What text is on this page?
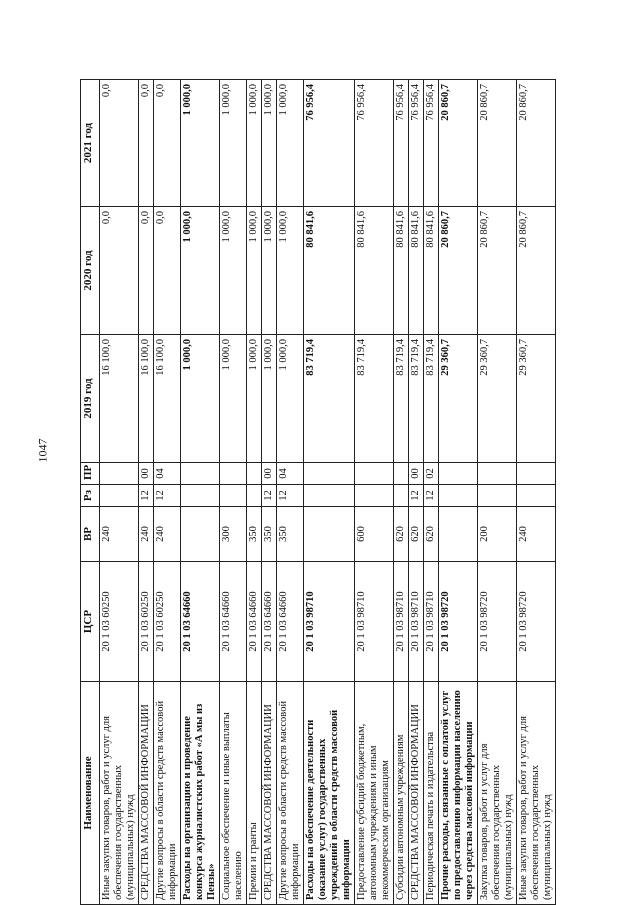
1047
Наименование	ЦСР	ВР	Рз	ПР	2019 год	2020 год	2021 год
Иные закупки товаров, работ и услуг для обеспечения государственных (муниципальных) нужд	20 1 03 60250	240			16 100,0	0,0	0,0
СРЕДСТВА МАССОВОЙ ИНФОРМАЦИИ	20 1 03 60250	240	12	00	16 100,0	0,0	0,0
Другие вопросы в области средств массовой информации	20 1 03 60250	240	12	04	16 100,0	0,0	0,0
Расходы на организацию и проведение конкурса журналистских работ «А мы из Пензы»	20 1 03 64660				1 000,0	1 000,0	1 000,0
Социальное обеспечение и иные выплаты населению	20 1 03 64660	300			1 000,0	1 000,0	1 000,0
Премии и гранты	20 1 03 64660	350			1 000,0	1 000,0	1 000,0
СРЕДСТВА МАССОВОЙ ИНФОРМАЦИИ	20 1 03 64660	350	12	00	1 000,0	1 000,0	1 000,0
Другие вопросы в области средств массовой информации	20 1 03 64660	350	12	04	1 000,0	1 000,0	1 000,0
Расходы на обеспечение деятельности (оказание услуг) государственных учреждений в области средств массовой информации	20 1 03 98710				83 719,4	80 841,6	76 956,4
Предоставление субсидий бюджетным, автономным учреждениям и иным некоммерческим организациям	20 1 03 98710	600			83 719,4	80 841,6	76 956,4
Субсидии автономным учреждениям	20 1 03 98710	620			83 719,4	80 841,6	76 956,4
СРЕДСТВА МАССОВОЙ ИНФОРМАЦИИ	20 1 03 98710	620	12	00	83 719,4	80 841,6	76 956,4
Периодическая печать и издательства	20 1 03 98710	620	12	02	83 719,4	80 841,6	76 956,4
Прочие расходы, связанные с оплатой услуг по предоставлению информации населению через средства массовой информации	20 1 03 98720				29 360,7	20 860,7	20 860,7
Закупка товаров, работ и услуг для обеспечения государственных (муниципальных) нужд	20 1 03 98720	200			29 360,7	20 860,7	20 860,7
Иные закупки товаров, работ и услуг для обеспечения государственных (муниципальных) нужд	20 1 03 98720	240			29 360,7	20 860,7	20 860,7
